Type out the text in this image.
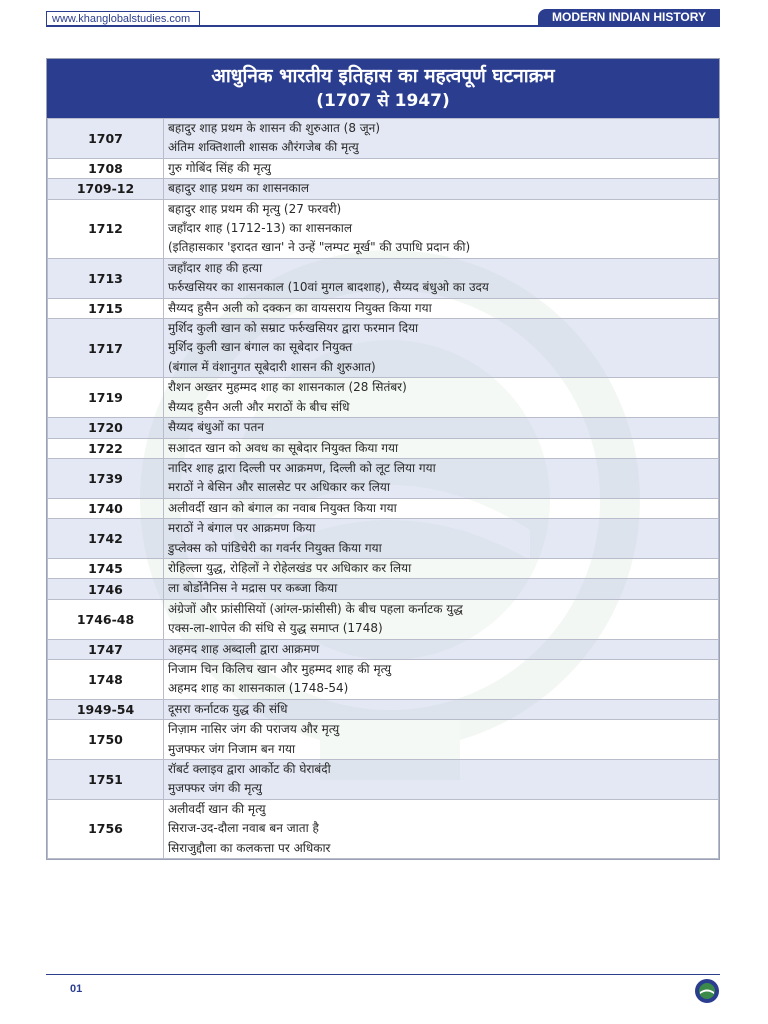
www.khanglobalstudies.com	MODERN INDIAN HISTORY
आधुनिक भारतीय इतिहास का महत्वपूर्ण घटनाक्रम
(1707 से 1947)
1707	बहादुर शाह प्रथम के शासन की शुरुआत (8 जून)
अंतिम शक्तिशाली शासक औरंगजेब की मृत्यु

1708	गुरु गोबिंद सिंह की मृत्यु

1709-12	बहादुर शाह प्रथम का शासनकाल

1712	बहादुर शाह प्रथम की मृत्यु (27 फरवरी)
जहाँदार शाह (1712-13) का शासनकाल
(इतिहासकार 'इरादत खान' ने उन्हें "लम्पट मूर्ख" की उपाधि प्रदान की)

1713	जहाँदार शाह की हत्या
फर्रुखसियर का शासनकाल (10वां मुगल बादशाह), सैय्यद बंधुओ का उदय

1715	सैय्यद हुसैन अली को दक्कन का वायसराय नियुक्त किया गया

1717	मुर्शिद कुली खान को सम्राट फर्रुखसियर द्वारा फरमान दिया
मुर्शिद कुली खान बंगाल का सूबेदार नियुक्त
(बंगाल में वंशानुगत सूबेदारी शासन की शुरुआत)

1719	रौशन अख्तर मुहम्मद शाह का शासनकाल (28 सितंबर)
सैय्यद हुसैन अली और मराठों के बीच संधि

1720	सैय्यद बंधुओं का पतन

1722	सआदत खान को अवध का सूबेदार नियुक्त किया गया

1739	नादिर शाह द्वारा दिल्ली पर आक्रमण, दिल्ली को लूट लिया गया
मराठों ने बेसिन और सालसेट पर अधिकार कर लिया

1740	अलीवर्दी खान को बंगाल का नवाब नियुक्त किया गया

1742	मराठों ने बंगाल पर आक्रमण किया
डुप्लेक्स को पांडिचेरी का गवर्नर नियुक्त किया गया

1745	रोहिल्ला युद्ध, रोहिलों ने रोहेलखंड पर अधिकार कर लिया

1746	ला बोर्डोनैनिस ने मद्रास पर कब्जा किया

1746-48	अंग्रेजों और फ्रांसीसियों (आंग्ल-फ्रांसीसी) के बीच पहला कर्नाटक युद्ध
एक्स-ला-शापेल की संधि से युद्ध समाप्त (1748)

1747	अहमद शाह अब्दाली द्वारा आक्रमण

1748	निजाम चिन किलिच खान और मुहम्मद शाह की मृत्यु
अहमद शाह का शासनकाल (1748-54)

1949-54	दूसरा कर्नाटक युद्ध की संधि

1750	निज़ाम नासिर जंग की पराजय और मृत्यु
मुजफ्फर जंग निजाम बन गया

1751	रॉबर्ट क्लाइव द्वारा आर्कोट की घेराबंदी
मुजफ्फर जंग की मृत्यु

1756	अलीवर्दी खान की मृत्यु
सिराज-उद-दौला नवाब बन जाता है
सिराजुद्दौला का कलकत्ता पर अधिकार
01
